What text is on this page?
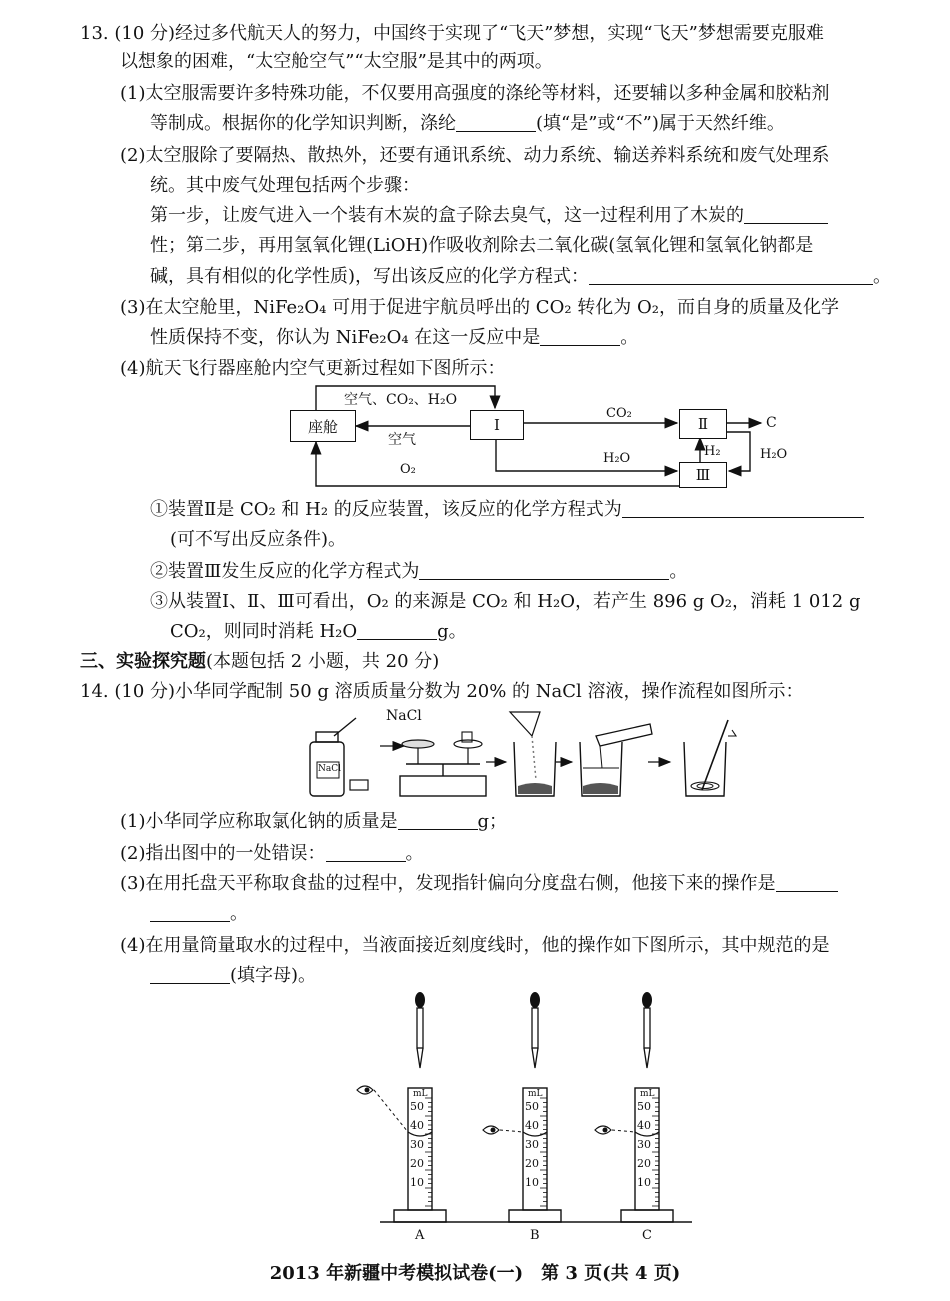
13. (10 分)经过多代航天人的努力，中国终于实现了“飞天”梦想，实现“飞天”梦想需要克服难
以想象的困难，“太空舱空气”“太空服”是其中的两项。
(1)太空服需要许多特殊功能，不仅要用高强度的涤纶等材料，还要辅以多种金属和胶粘剂
等制成。根据你的化学知识判断，涤纶	(填“是”或“不”)属于天然纤维。
(2)太空服除了要隔热、散热外，还要有通讯系统、动力系统、输送养料系统和废气处理系
统。其中废气处理包括两个步骤：
第一步，让废气进入一个装有木炭的盒子除去臭气，这一过程利用了木炭的
性；第二步，再用氢氧化锂(LiOH)作吸收剂除去二氧化碳(氢氧化锂和氢氧化钠都是
碱，具有相似的化学性质)，写出该反应的化学方程式：	。
(3)在太空舱里，NiFe₂O₄ 可用于促进宇航员呼出的 CO₂ 转化为 O₂，而自身的质量及化学
性质保持不变，你认为 NiFe₂O₄ 在这一反应中是	。
(4)航天飞行器座舱内空气更新过程如下图所示：
座舱	Ⅰ	Ⅱ
Ⅲ
空气、CO₂、H₂O
空气
O₂
CO₂
H₂O	H₂	H₂O
C
①装置Ⅱ是 CO₂ 和 H₂ 的反应装置，该反应的化学方程式为
(可不写出反应条件)。
②装置Ⅲ发生反应的化学方程式为	。
③从装置Ⅰ、Ⅱ、Ⅲ可看出，O₂ 的来源是 CO₂ 和 H₂O，若产生 896 g O₂，消耗 1 012 g
CO₂，则同时消耗 H₂O	g。
三、实验探究题(本题包括 2 小题，共 20 分)
14. (10 分)小华同学配制 50 g 溶质质量分数为 20% 的 NaCl 溶液，操作流程如图所示：
NaCl
NaCl
(1)小华同学应称取氯化钠的质量是	g；
(2)指出图中的一处错误：	。
(3)在用托盘天平称取食盐的过程中，发现指针偏向分度盘右侧，他接下来的操作是
。
(4)在用量筒量取水的过程中，当液面接近刻度线时，他的操作如下图所示，其中规范的是
(填字母)。
mL
50
40
30
20
10
A
mL
50
40
30
20
10
B
mL
50
40
30
20
10
C
2013 年新疆中考模拟试卷(一)　第 3 页(共 4 页)
